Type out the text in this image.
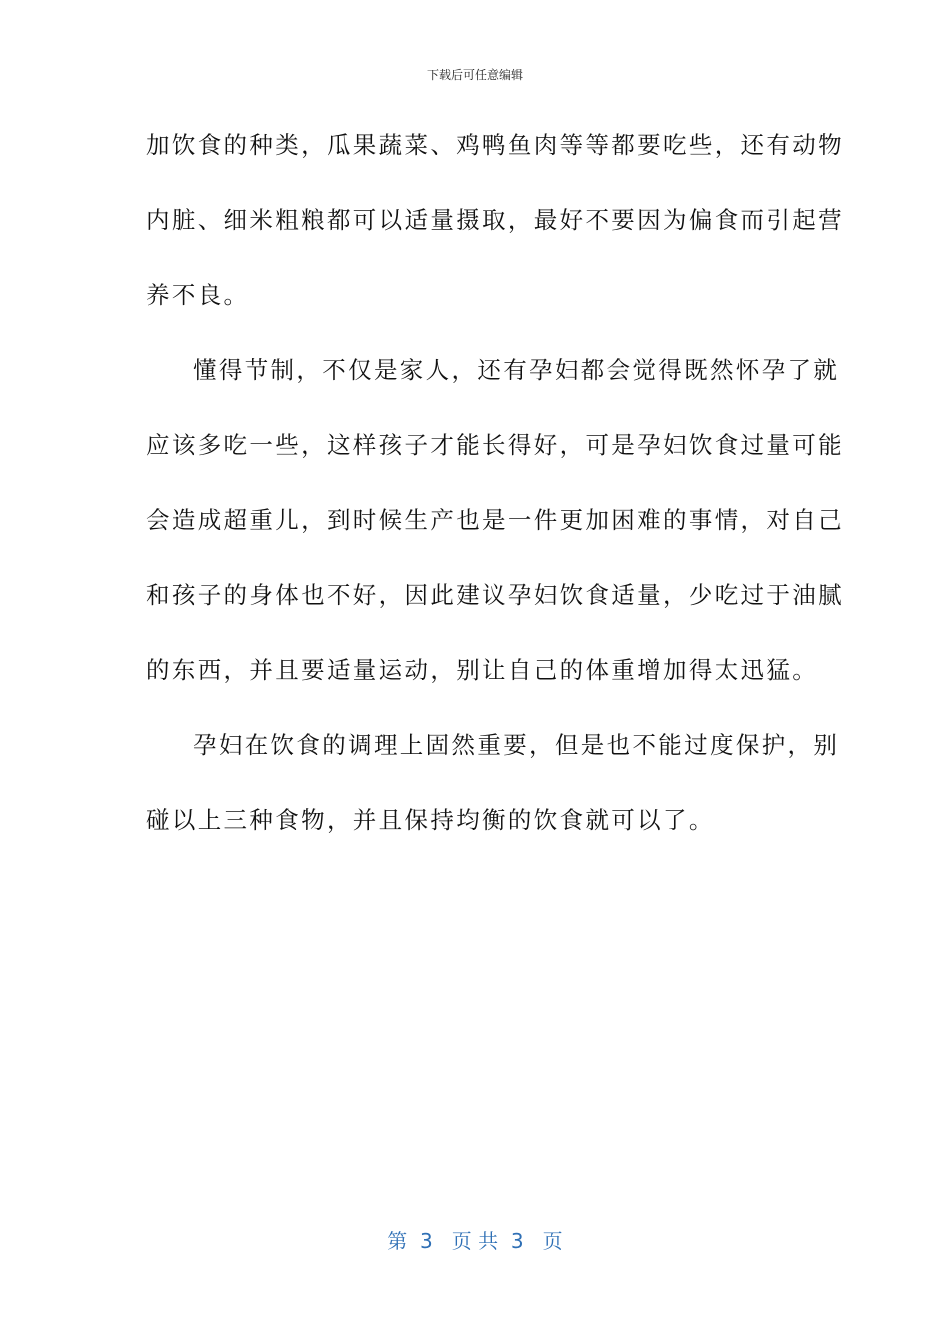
下载后可任意编辑
加饮食的种类，瓜果蔬菜、鸡鸭鱼肉等等都要吃些，还有动物
内脏、细米粗粮都可以适量摄取，最好不要因为偏食而引起营
养不良。
懂得节制，不仅是家人，还有孕妇都会觉得既然怀孕了就
应该多吃一些，这样孩子才能长得好，可是孕妇饮食过量可能
会造成超重儿，到时候生产也是一件更加困难的事情，对自己
和孩子的身体也不好，因此建议孕妇饮食适量，少吃过于油腻
的东西，并且要适量运动，别让自己的体重增加得太迅猛。
孕妇在饮食的调理上固然重要，但是也不能过度保护，别
碰以上三种食物，并且保持均衡的饮食就可以了。
第  3   页 共  3   页
